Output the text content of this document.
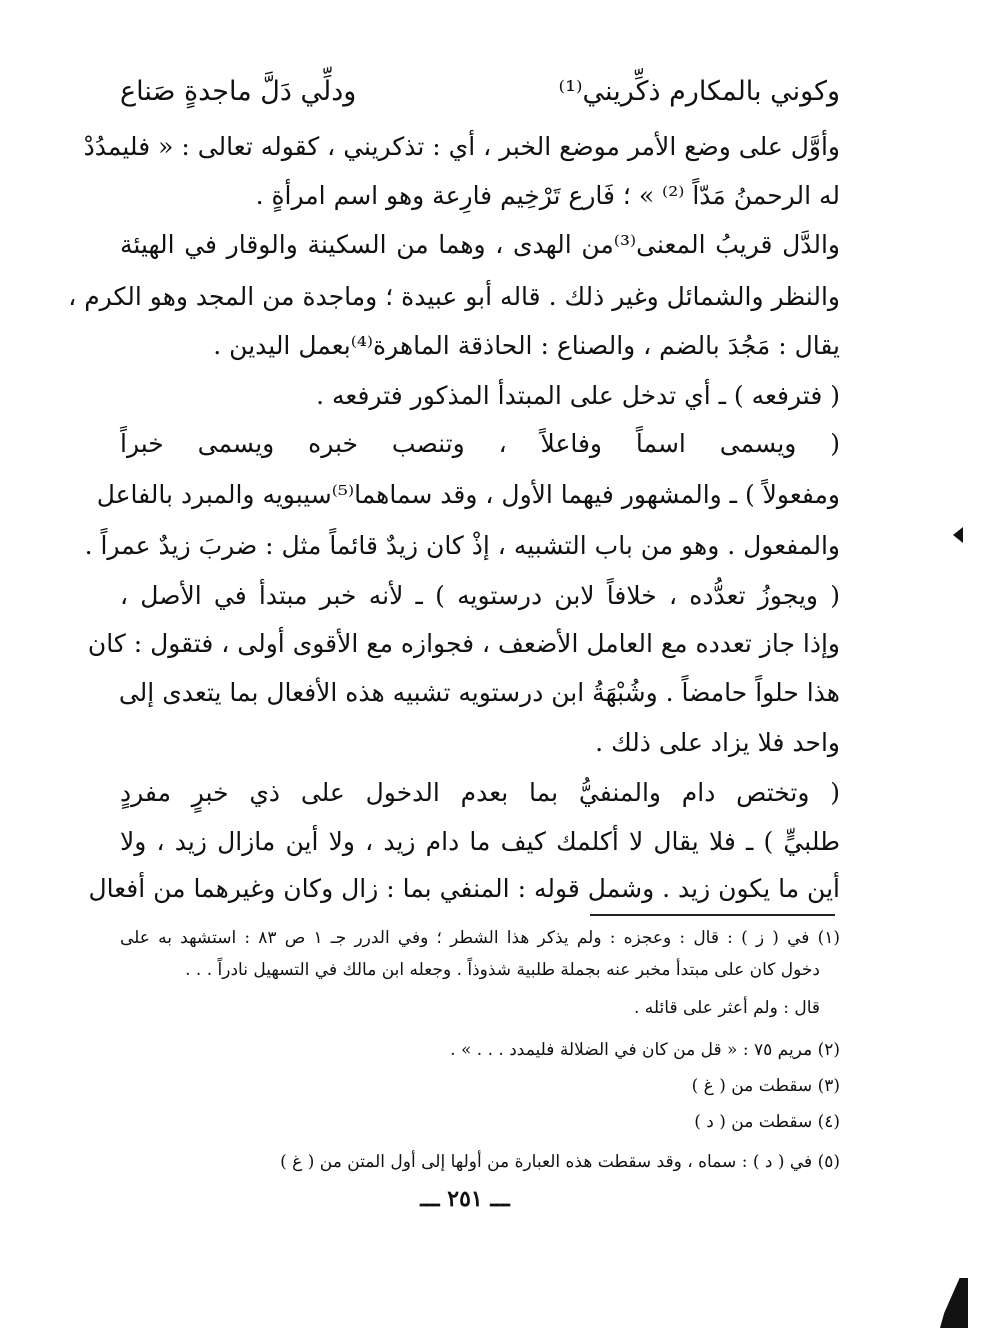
وكوني بالمكارم ذكِّريني⁽¹⁾
ودلِّي دَلَّ ماجدةٍ صَناع
وأوَّل على وضع الأمر موضع الخبر ، أي : تذكريني ، كقوله تعالى : « فليمدُدْ
له الرحمنُ مَدّاً ⁽²⁾ » ؛ فَارع تَرْخِيم فارِعة وهو اسم امرأةٍ .
والدَّل قريبُ المعنى⁽³⁾من الهدى ، وهما من السكينة والوقار في الهيئة
والنظر والشمائل وغير ذلك . قاله أبو عبيدة ؛ وماجدة من المجد وهو الكرم ،
يقال : مَجُدَ بالضم ، والصناع : الحاذقة الماهرة⁽⁴⁾بعمل اليدين .
( فترفعه ) ـ أي تدخل على المبتدأ المذكور فترفعه .
( ويسمى اسماً وفاعلاً ، وتنصب خبره ويسمى خبراً
ومفعولاً ) ـ والمشهور فيهما الأول ، وقد سماهما⁽⁵⁾سيبويه والمبرد بالفاعل
والمفعول . وهو من باب التشبيه ، إذْ كان زيدٌ قائماً مثل : ضربَ زيدٌ عمراً .
( ويجوزُ تعدُّده ، خلافاً لابن درستويه ) ـ لأنه خبر مبتدأ في الأصل ،
وإذا جاز تعدده مع العامل الأضعف ، فجوازه مع الأقوى أولى ، فتقول : كان
هذا حلواً حامضاً . وشُبْهَةُ ابن درستويه تشبيه هذه الأفعال بما يتعدى إلى
واحد فلا يزاد على ذلك .
( وتختص دام والمنفيُّ بما بعدم الدخول على ذي خبرٍ مفردٍ
طلبيٍّ ) ـ فلا يقال لا أكلمك كيف ما دام زيد ، ولا أين مازال زيد ، ولا
أين ما يكون زيد . وشمل قوله : المنفي بما : زال وكان وغيرهما من أفعال
(١) في ( ز ) : قال : وعجزه : ولم يذكر هذا الشطر ؛ وفي الدرر جـ ١ ص ٨٣ : استشهد به على
دخول كان على مبتدأ مخبر عنه بجملة طلبية شذوذاً . وجعله ابن مالك في التسهيل نادراً . . .
قال : ولم أعثر على قائله .
(٢) مريم ٧٥ : « قل من كان في الضلالة فليمدد . . . » .
(٣) سقطت من ( غ )
(٤) سقطت من ( د )
(٥) في ( د ) : سماه ، وقد سقطت هذه العبارة من أولها إلى أول المتن من ( غ )
ـــ ٢٥١ ـــ
